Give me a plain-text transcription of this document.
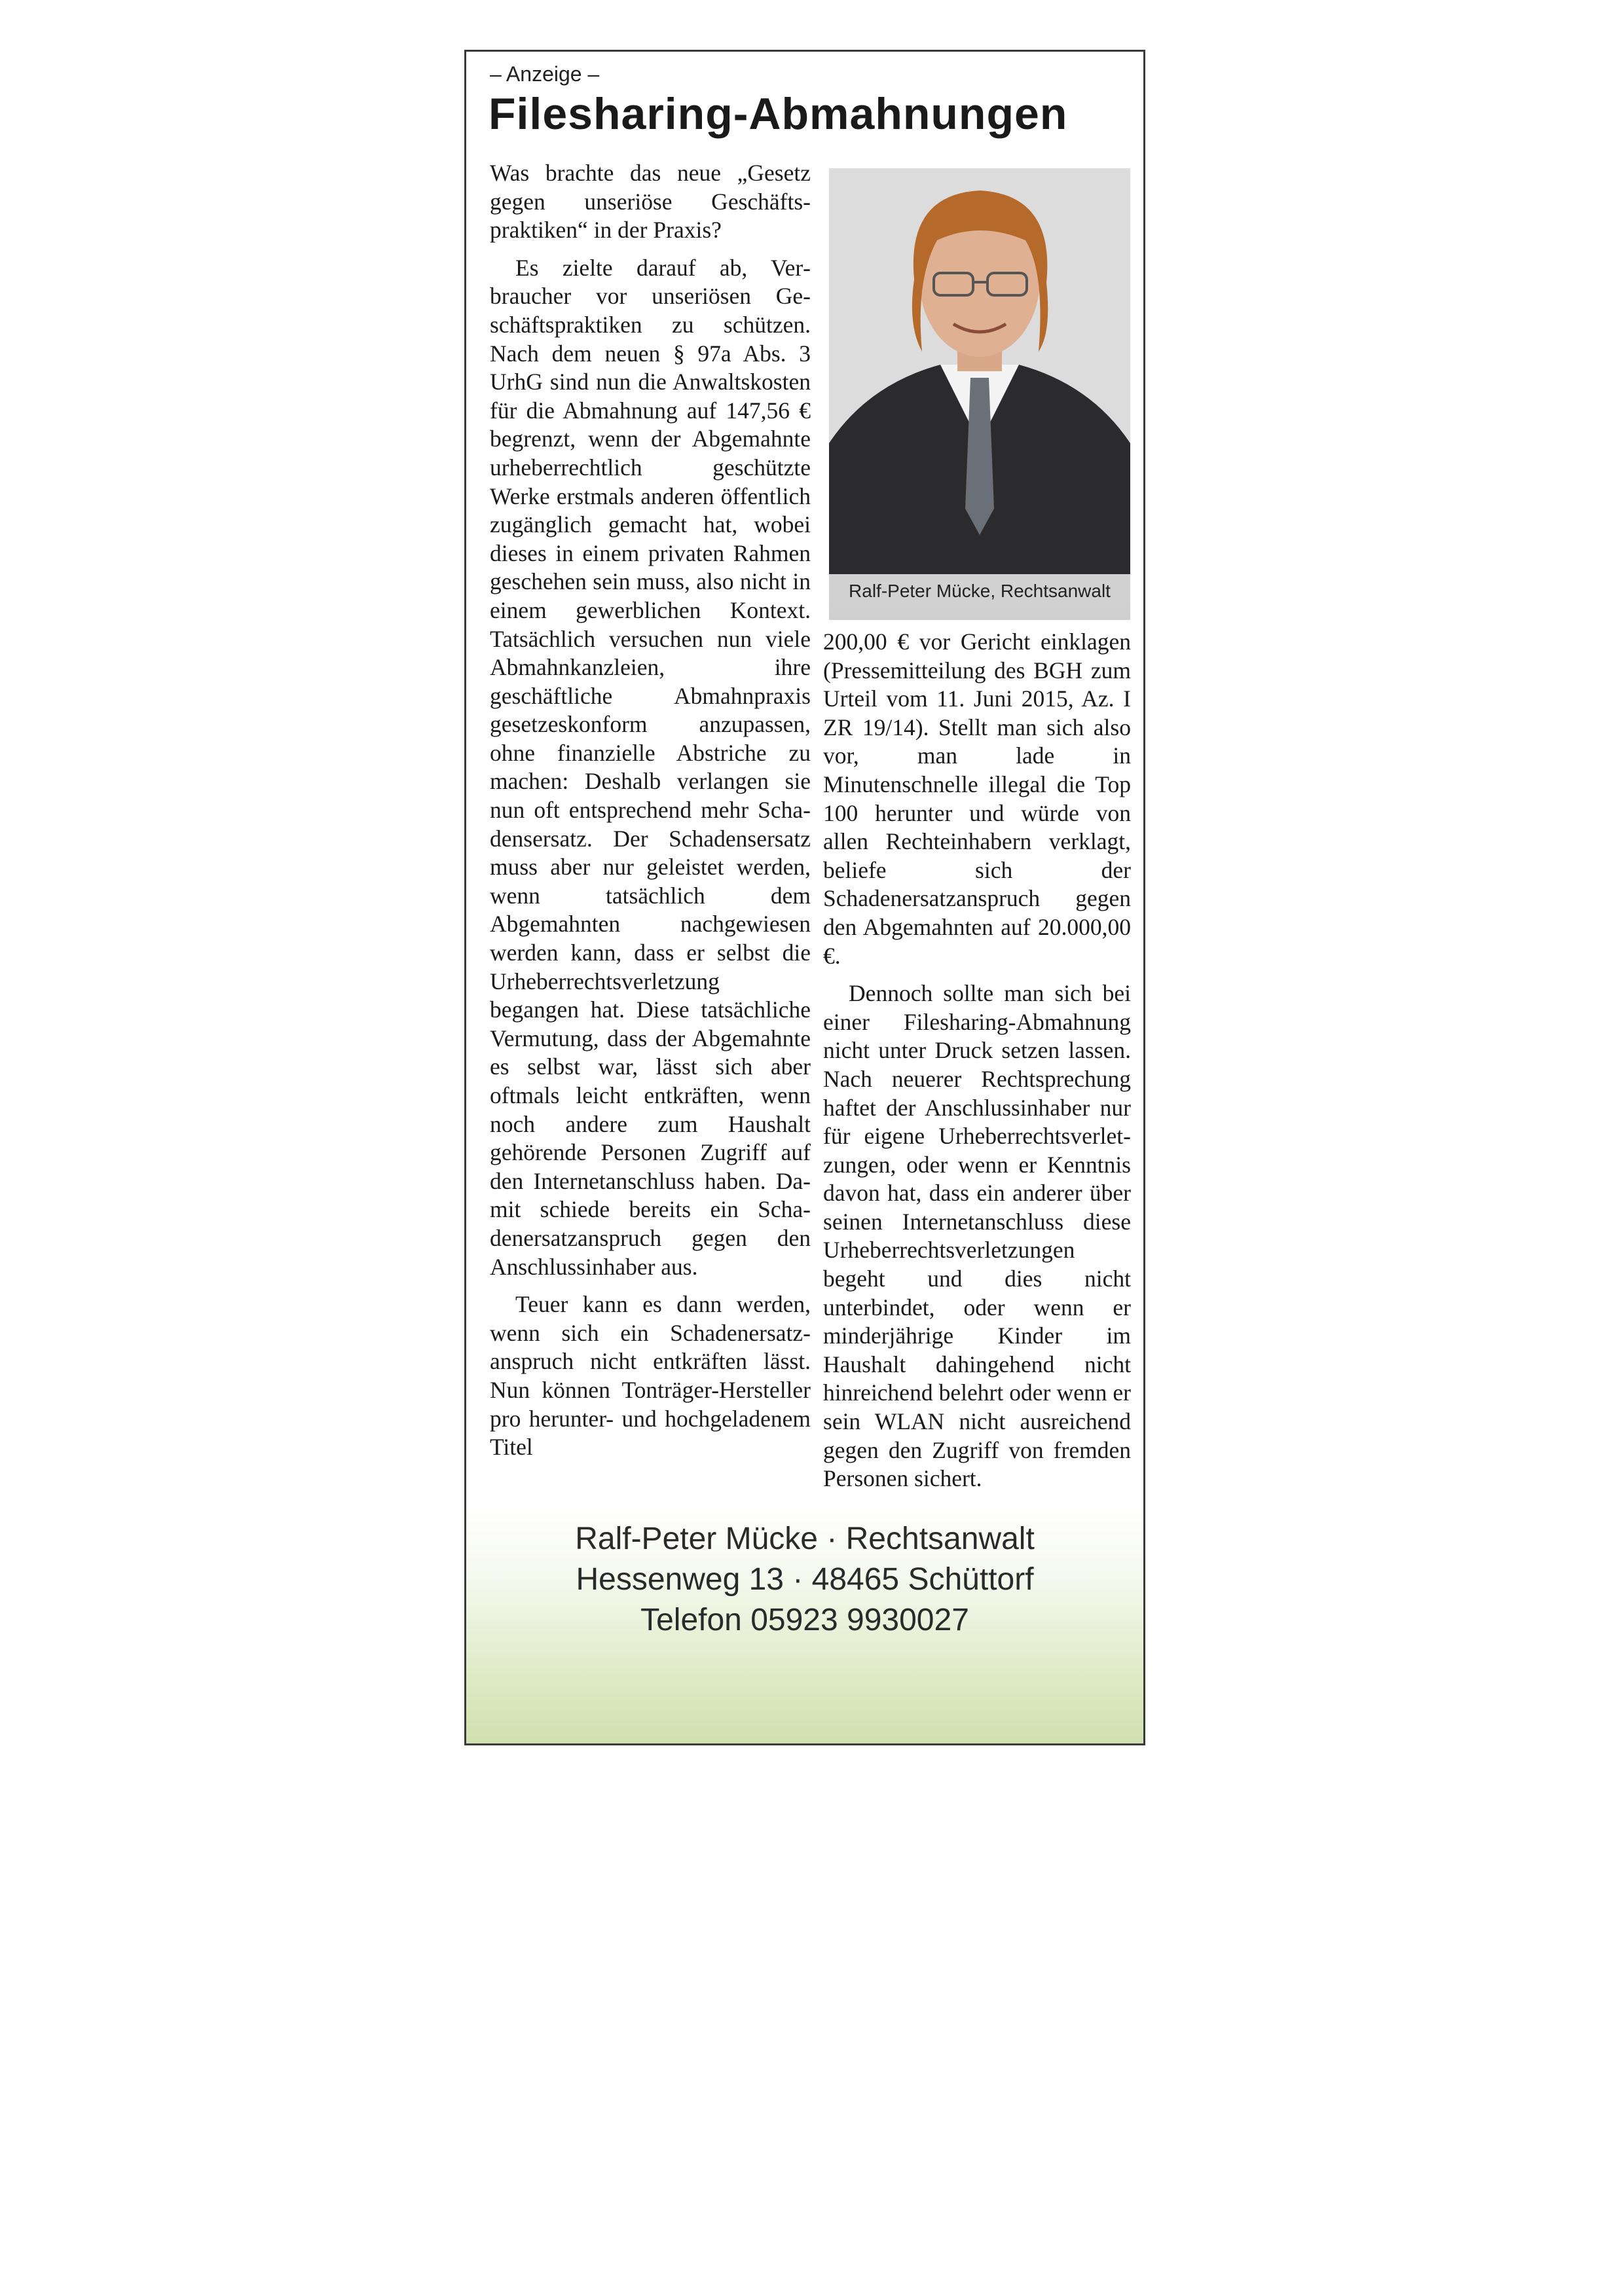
– Anzeige –
Filesharing-Abmahnungen

Was brachte das neue „Gesetz gegen unseriöse Geschäftspraktiken“ in der Praxis?

Es zielte darauf ab, Verbraucher vor unseriösen Geschäftspraktiken zu schützen. Nach dem neuen § 97a Abs. 3 UrhG sind nun die Anwaltskosten für die Abmahnung auf 147,56 € begrenzt, wenn der Abgemahnte urheberrechtlich geschützte Werke erstmals anderen öffentlich zugänglich gemacht hat, wobei dieses in einem privaten Rahmen geschehen sein muss, also nicht in einem gewerblichen Kontext. Tatsächlich versuchen nun viele Abmahnkanzleien, ihre geschäftliche Abmahnpraxis gesetzeskonform anzupassen, ohne finanzielle Abstriche zu machen: Deshalb verlangen sie nun oft entsprechend mehr Schadensersatz. Der Schadensersatz muss aber nur geleistet werden, wenn tatsächlich dem Abgemahnten nachgewiesen werden kann, dass er selbst die Urheberrechtsverletzung begangen hat. Diese tatsächliche Vermutung, dass der Abgemahnte es selbst war, lässt sich aber oftmals leicht entkräften, wenn noch andere zum Haushalt gehörende Personen Zugriff auf den Internetanschluss haben. Damit schiede bereits ein Schadenersatzanspruch gegen den Anschlussinhaber aus.

Teuer kann es dann werden, wenn sich ein Schadenersatzanspruch nicht entkräften lässt. Nun können Tonträger-Hersteller pro herunter- und hochgeladenem Titel

Ralf-Peter Mücke, Rechtsanwalt

200,00 € vor Gericht einklagen (Pressemitteilung des BGH zum Urteil vom 11. Juni 2015, Az. I ZR 19/14). Stellt man sich also vor, man lade in Minutenschnelle illegal die Top 100 herunter und würde von allen Rechteinhabern verklagt, beliefe sich der Schadenersatzanspruch gegen den Abgemahnten auf 20.000,00 €.

Dennoch sollte man sich bei einer Filesharing-Abmahnung nicht unter Druck setzen lassen. Nach neuerer Rechtsprechung haftet der Anschlussinhaber nur für eigene Urheberrechtsverletzungen, oder wenn er Kenntnis davon hat, dass ein anderer über seinen Internetanschluss diese Urheberrechtsverletzungen begeht und dies nicht unterbindet, oder wenn er minderjährige Kinder im Haushalt dahingehend nicht hinreichend belehrt oder wenn er sein WLAN nicht ausreichend gegen den Zugriff von fremden Personen sichert.

Ralf-Peter Mücke · Rechtsanwalt
Hessenweg 13 · 48465 Schüttorf
Telefon 05923 9930027
